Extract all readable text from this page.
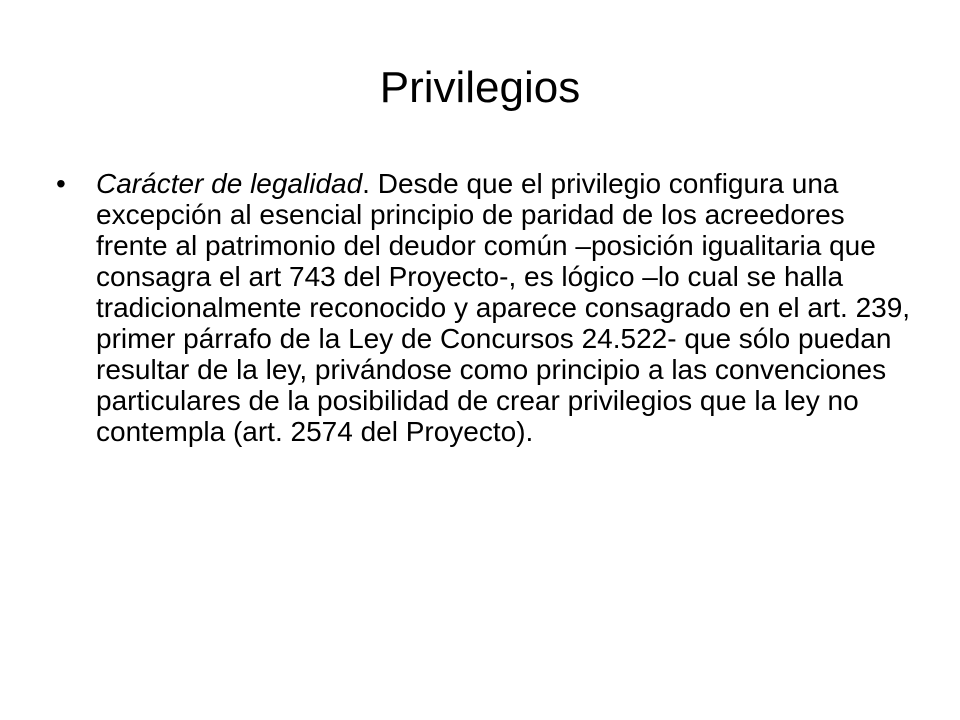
Privilegios
•	Carácter de legalidad. Desde que el privilegio configura una excepción al esencial principio de paridad de los acreedores frente al patrimonio del deudor común –posición igualitaria que consagra el art 743 del Proyecto-, es lógico –lo cual se halla tradicionalmente reconocido y aparece consagrado en el art. 239, primer párrafo de la Ley de Concursos 24.522- que sólo puedan resultar de la ley, privándose como principio a las convenciones particulares de la posibilidad de crear privilegios que la ley no contempla (art. 2574 del Proyecto).
